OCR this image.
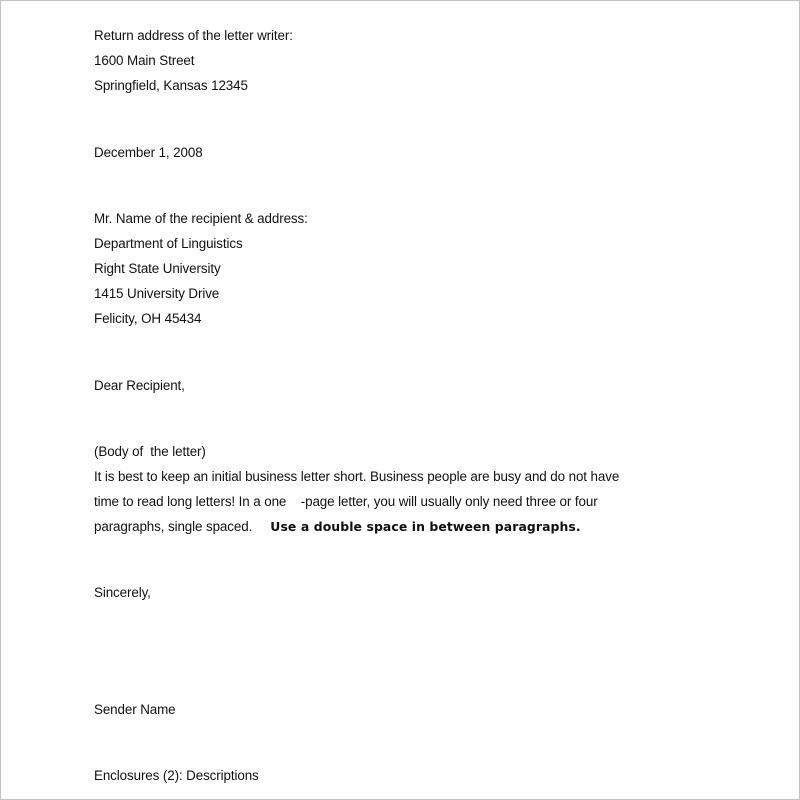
Return address of the letter writer:
1600 Main Street
Springfield, Kansas 12345
December 1, 2008
Mr. Name of the recipient & address:
Department of Linguistics
Right State University
1415 University Drive
Felicity, OH 45434
Dear Recipient,
(Body of  the letter)
It is best to keep an initial business letter short. Business people are busy and do not have
time to read long letters! In a one    -page letter, you will usually only need three or four
paragraphs, single spaced.     Use a double space in between paragraphs.
Sincerely,
Sender Name
Enclosures (2): Descriptions
